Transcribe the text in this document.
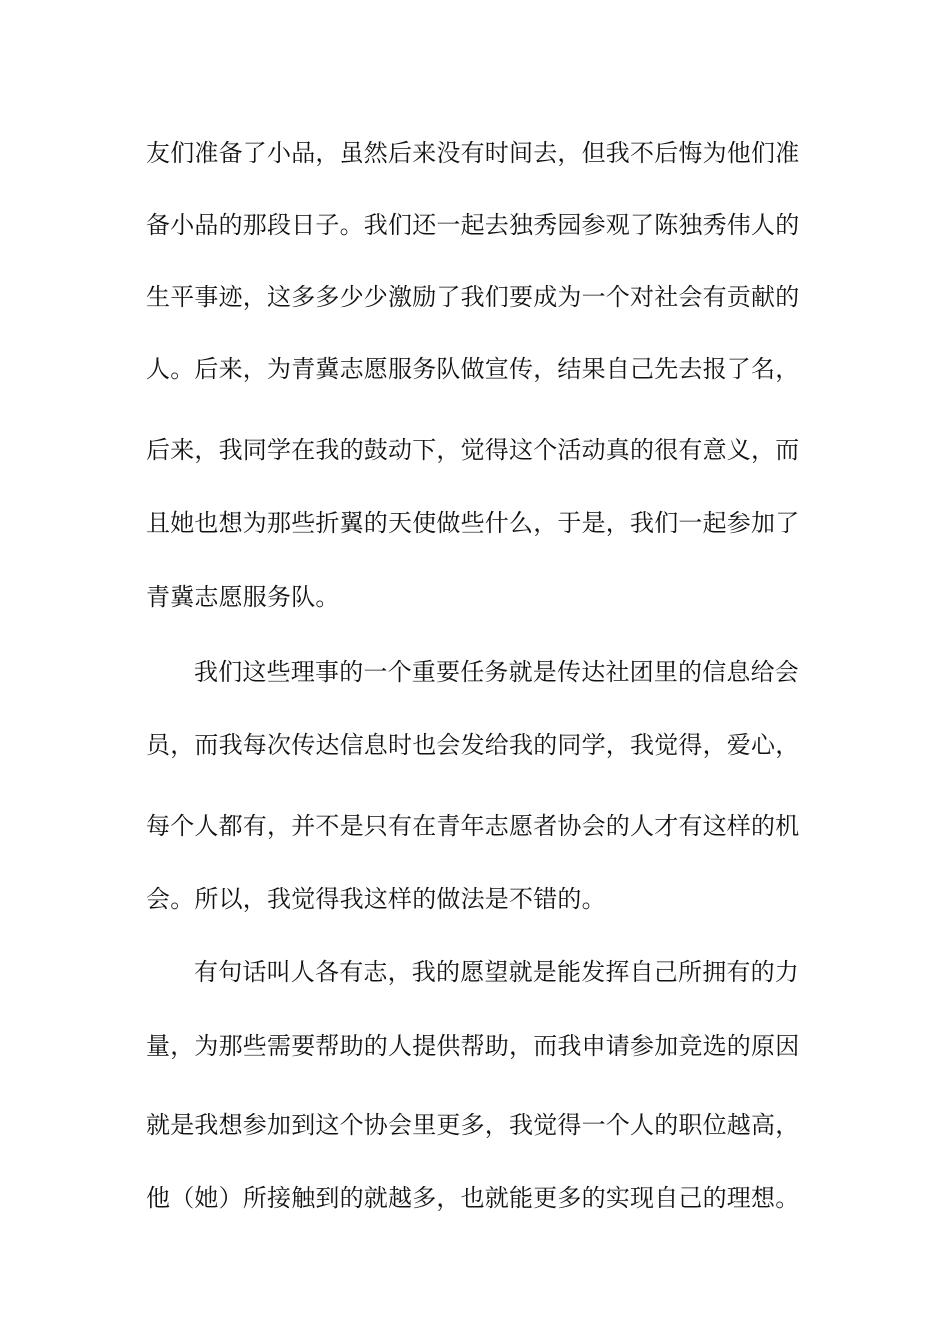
友们准备了小品，虽然后来没有时间去，但我不后悔为他们准
备小品的那段日子。我们还一起去独秀园参观了陈独秀伟人的
生平事迹，这多多少少激励了我们要成为一个对社会有贡献的
人。后来，为青冀志愿服务队做宣传，结果自己先去报了名，
后来，我同学在我的鼓动下，觉得这个活动真的很有意义，而
且她也想为那些折翼的天使做些什么，于是，我们一起参加了
青冀志愿服务队。
我们这些理事的一个重要任务就是传达社团里的信息给会
员，而我每次传达信息时也会发给我的同学，我觉得，爱心，
每个人都有，并不是只有在青年志愿者协会的人才有这样的机
会。所以，我觉得我这样的做法是不错的。
有句话叫人各有志，我的愿望就是能发挥自己所拥有的力
量，为那些需要帮助的人提供帮助，而我申请参加竞选的原因
就是我想参加到这个协会里更多，我觉得一个人的职位越高，
他（她）所接触到的就越多，也就能更多的实现自己的理想。
